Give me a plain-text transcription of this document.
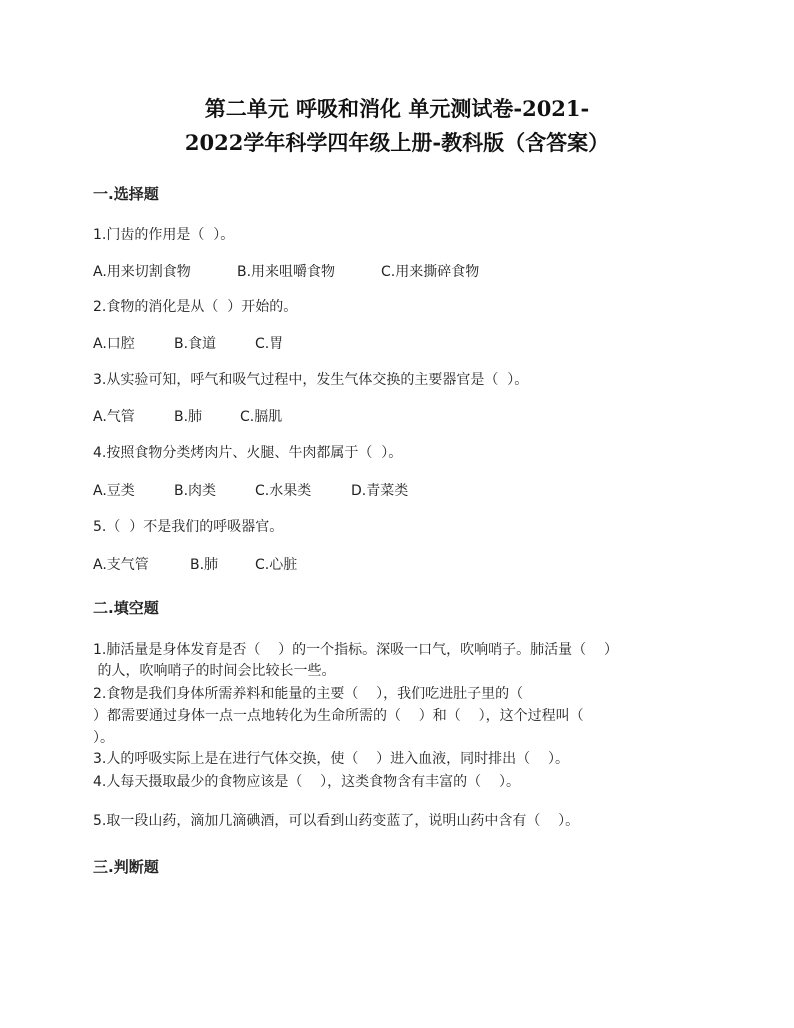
第二单元 呼吸和消化 单元测试卷-2021-
2022学年科学四年级上册-教科版（含答案）
一.选择题
1.门齿的作用是（  ）。
A.用来切割食物	B.用来咀嚼食物	C.用来撕碎食物
2.食物的消化是从（  ）开始的。
A.口腔	B.食道	C.胃
3.从实验可知，呼气和吸气过程中，发生气体交换的主要器官是（  ）。
A.气管	B.肺	C.膈肌
4.按照食物分类烤肉片、火腿、牛肉都属于（  ）。
A.豆类	B.肉类	C.水果类	D.青菜类
5.（  ）不是我们的呼吸器官。
A.支气管	B.肺	C.心脏
二.填空题
1.肺活量是身体发育是否（    ）的一个指标。深吸一口气，吹响哨子。肺活量（    ）
的人，吹响哨子的时间会比较长一些。
2.食物是我们身体所需养料和能量的主要（    ），我们吃进肚子里的（
）都需要通过身体一点一点地转化为生命所需的（    ）和（    ），这个过程叫（
）。
3.人的呼吸实际上是在进行气体交换，使（    ）进入血液，同时排出（    ）。
4.人每天摄取最少的食物应该是（    ），这类食物含有丰富的（    ）。
5.取一段山药，滴加几滴碘酒，可以看到山药变蓝了，说明山药中含有（    ）。
三.判断题
